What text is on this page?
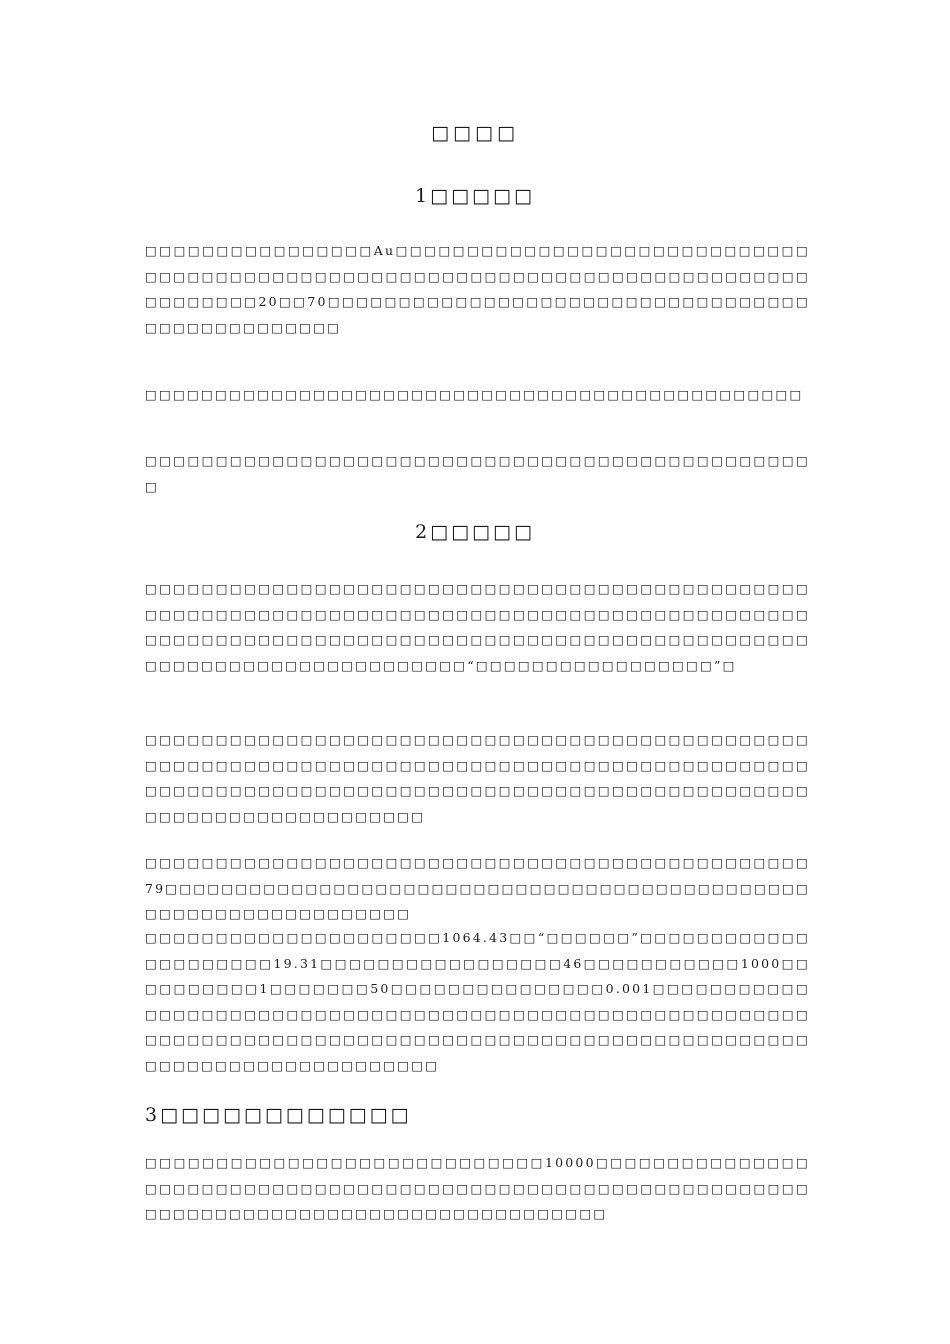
□□□□
1□□□□□
□□□□□□□□□□□□□□□□Au□□□□□□□□□□□□□□□□□□□□□□□□□□□□□□□□□□□□□□□□□□□□□□□□□□□□□□□□□□□□□□□□□□□□□□□□□□□□□□□□□□□□20□□70□□□□□□□□□□□□□□□□□□□□□□□□□□□□□□□□□□□□□□□□□□□□□□□□
□□□□□□□□□□□□□□□□□□□□□□□□□□□□□□□□□□□□□□□□□□□□□□□
□□□□□□□□□□□□□□□□□□□□□□□□□□□□□□□□□□□□□□□□□□□□□□□□
2□□□□□
□□□□□□□□□□□□□□□□□□□□□□□□□□□□□□□□□□□□□□□□□□□□□□□□□□□□□□□□□□□□□□□□□□□□□□□□□□□□□□□□□□□□□□□□□□□□□□□□□□□□□□□□□□□□□□□□□□□□□□□□□□□□□□□□□□□□□□□□□□□□□□□□□□□□□□□□□□□□□□□□□□□□“□□□□□□□□□□□□□□□□□”□
□□□□□□□□□□□□□□□□□□□□□□□□□□□□□□□□□□□□□□□□□□□□□□□□□□□□□□□□□□□□□□□□□□□□□□□□□□□□□□□□□□□□□□□□□□□□□□□□□□□□□□□□□□□□□□□□□□□□□□□□□□□□□□□□□□□□□□□□□□□□□□□□□□□□□□□□□□□□□□□□□
□□□□□□□□□□□□□□□□□□□□□□□□□□□□□□□□□□□□□□□□□□□□□□□79□□□□□□□□□□□□□□□□□□□□□□□□□□□□□□□□□□□□□□□□□□□□□□□□□□□□□□□□□□□□□□□□□
□□□□□□□□□□□□□□□□□□□□□1064.43□□“□□□□□□”□□□□□□□□□□□□□□□□□□□□□19.31□□□□□□□□□□□□□□□□□46□□□□□□□□□□□1000□□□□□□□□□□1□□□□□□□50□□□□□□□□□□□□□□□0.001□□□□□□□□□□□□□□□□□□□□□□□□□□□□□□□□□□□□□□□□□□□□□□□□□□□□□□□□□□□□□□□□□□□□□□□□□□□□□□□□□□□□□□□□□□□□□□□□□□□□□□□□□□□□□□□□□□□□□□□□□□□□□□
3□□□□□□□□□□□□
□□□□□□□□□□□□□□□□□□□□□□□□□□□□10000□□□□□□□□□□□□□□□□□□□□□□□□□□□□□□□□□□□□□□□□□□□□□□□□□□□□□□□□□□□□□□□□□□□□□□□□□□□□□□□□□□□□□□□□□□□□□□□
